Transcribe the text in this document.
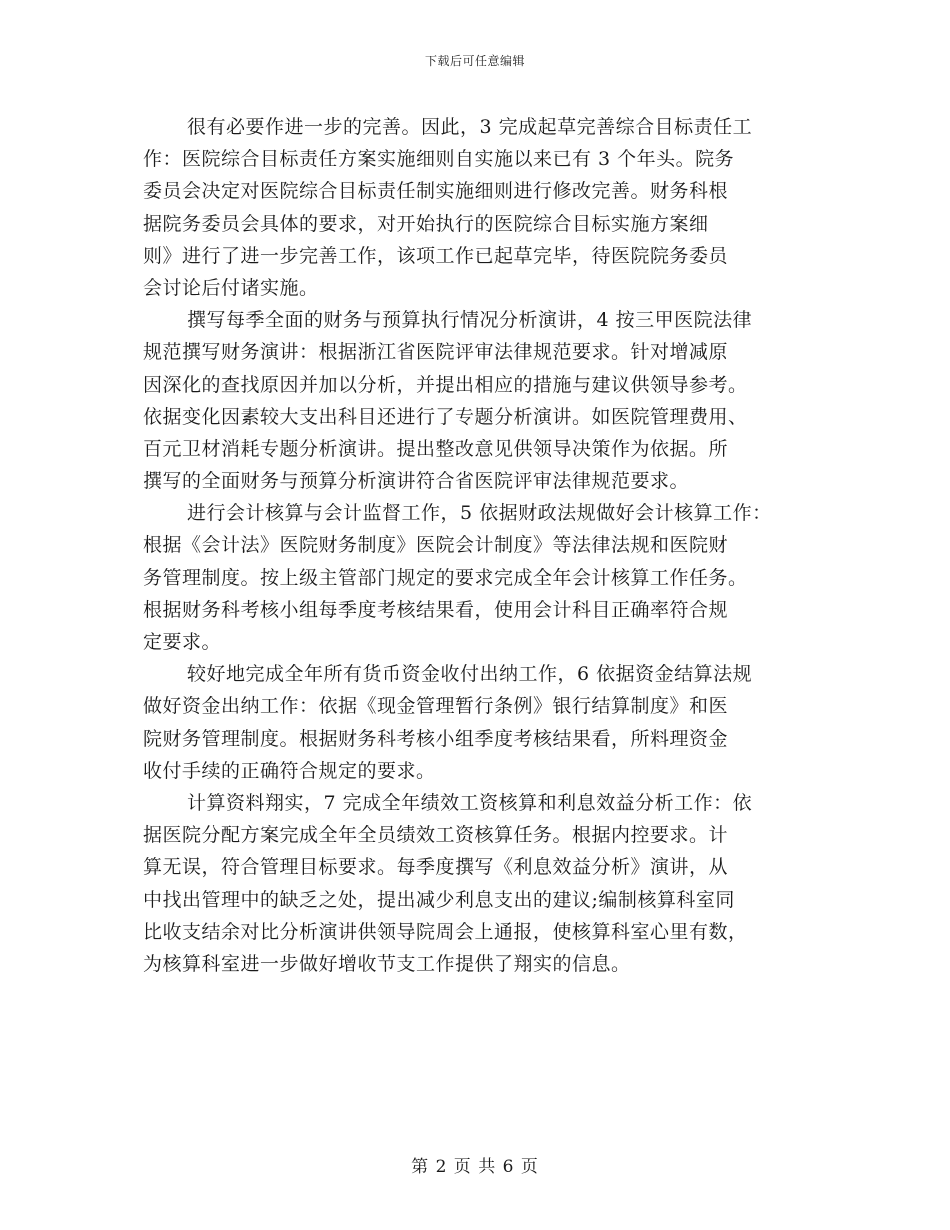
下载后可任意编辑
很有必要作进一步的完善。因此，3 完成起草完善综合目标责任工
作：医院综合目标责任方案实施细则自实施以来已有 3 个年头。院务
委员会决定对医院综合目标责任制实施细则进行修改完善。财务科根
据院务委员会具体的要求，对开始执行的医院综合目标实施方案细
则》进行了进一步完善工作，该项工作已起草完毕，待医院院务委员
会讨论后付诸实施。
撰写每季全面的财务与预算执行情况分析演讲，4 按三甲医院法律
规范撰写财务演讲：根据浙江省医院评审法律规范要求。针对增减原
因深化的查找原因并加以分析，并提出相应的措施与建议供领导参考。
依据变化因素较大支出科目还进行了专题分析演讲。如医院管理费用、
百元卫材消耗专题分析演讲。提出整改意见供领导决策作为依据。所
撰写的全面财务与预算分析演讲符合省医院评审法律规范要求。
进行会计核算与会计监督工作，5 依据财政法规做好会计核算工作：
根据《会计法》医院财务制度》医院会计制度》等法律法规和医院财
务管理制度。按上级主管部门规定的要求完成全年会计核算工作任务。
根据财务科考核小组每季度考核结果看，使用会计科目正确率符合规
定要求。
较好地完成全年所有货币资金收付出纳工作，6 依据资金结算法规
做好资金出纳工作：依据《现金管理暂行条例》银行结算制度》和医
院财务管理制度。根据财务科考核小组季度考核结果看，所料理资金
收付手续的正确符合规定的要求。
计算资料翔实，7 完成全年绩效工资核算和利息效益分析工作：依
据医院分配方案完成全年全员绩效工资核算任务。根据内控要求。计
算无误，符合管理目标要求。每季度撰写《利息效益分析》演讲，从
中找出管理中的缺乏之处，提出减少利息支出的建议;编制核算科室同
比收支结余对比分析演讲供领导院周会上通报，使核算科室心里有数，
为核算科室进一步做好增收节支工作提供了翔实的信息。
第 2 页 共 6 页
